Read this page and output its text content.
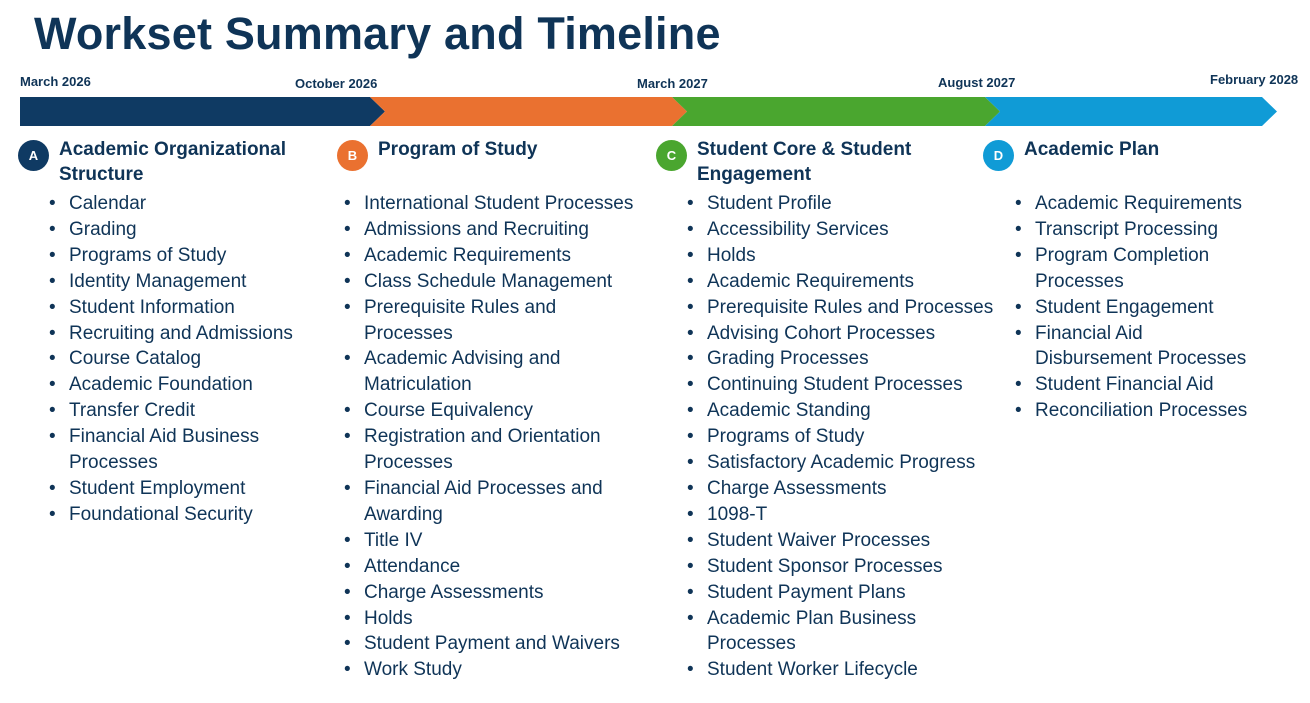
Workset Summary and Timeline
March 2026	October 2026	March 2027	August 2027	February 2028
A	Academic Organizational Structure

• Calendar
• Grading
• Programs of Study
• Identity Management
• Student Information
• Recruiting and Admissions
• Course Catalog
• Academic Foundation
• Transfer Credit
• Financial Aid Business Processes
• Student Employment
• Foundational Security
B	Program of Study

• International Student Processes
• Admissions and Recruiting
• Academic Requirements
• Class Schedule Management
• Prerequisite Rules and Processes
• Academic Advising and Matriculation
• Course Equivalency
• Registration and Orientation Processes
• Financial Aid Processes and Awarding
• Title IV
• Attendance
• Charge Assessments
• Holds
• Student Payment and Waivers
• Work Study
C	Student Core & Student Engagement

• Student Profile
• Accessibility Services
• Holds
• Academic Requirements
• Prerequisite Rules and Processes
• Advising Cohort Processes
• Grading Processes
• Continuing Student Processes
• Academic Standing
• Programs of Study
• Satisfactory Academic Progress
• Charge Assessments
• 1098-T
• Student Waiver Processes
• Student Sponsor Processes
• Student Payment Plans
• Academic Plan Business Processes
• Student Worker Lifecycle
D	Academic Plan

• Academic Requirements
• Transcript Processing
• Program Completion Processes
• Student Engagement
• Financial Aid Disbursement Processes
• Student Financial Aid
• Reconciliation Processes
